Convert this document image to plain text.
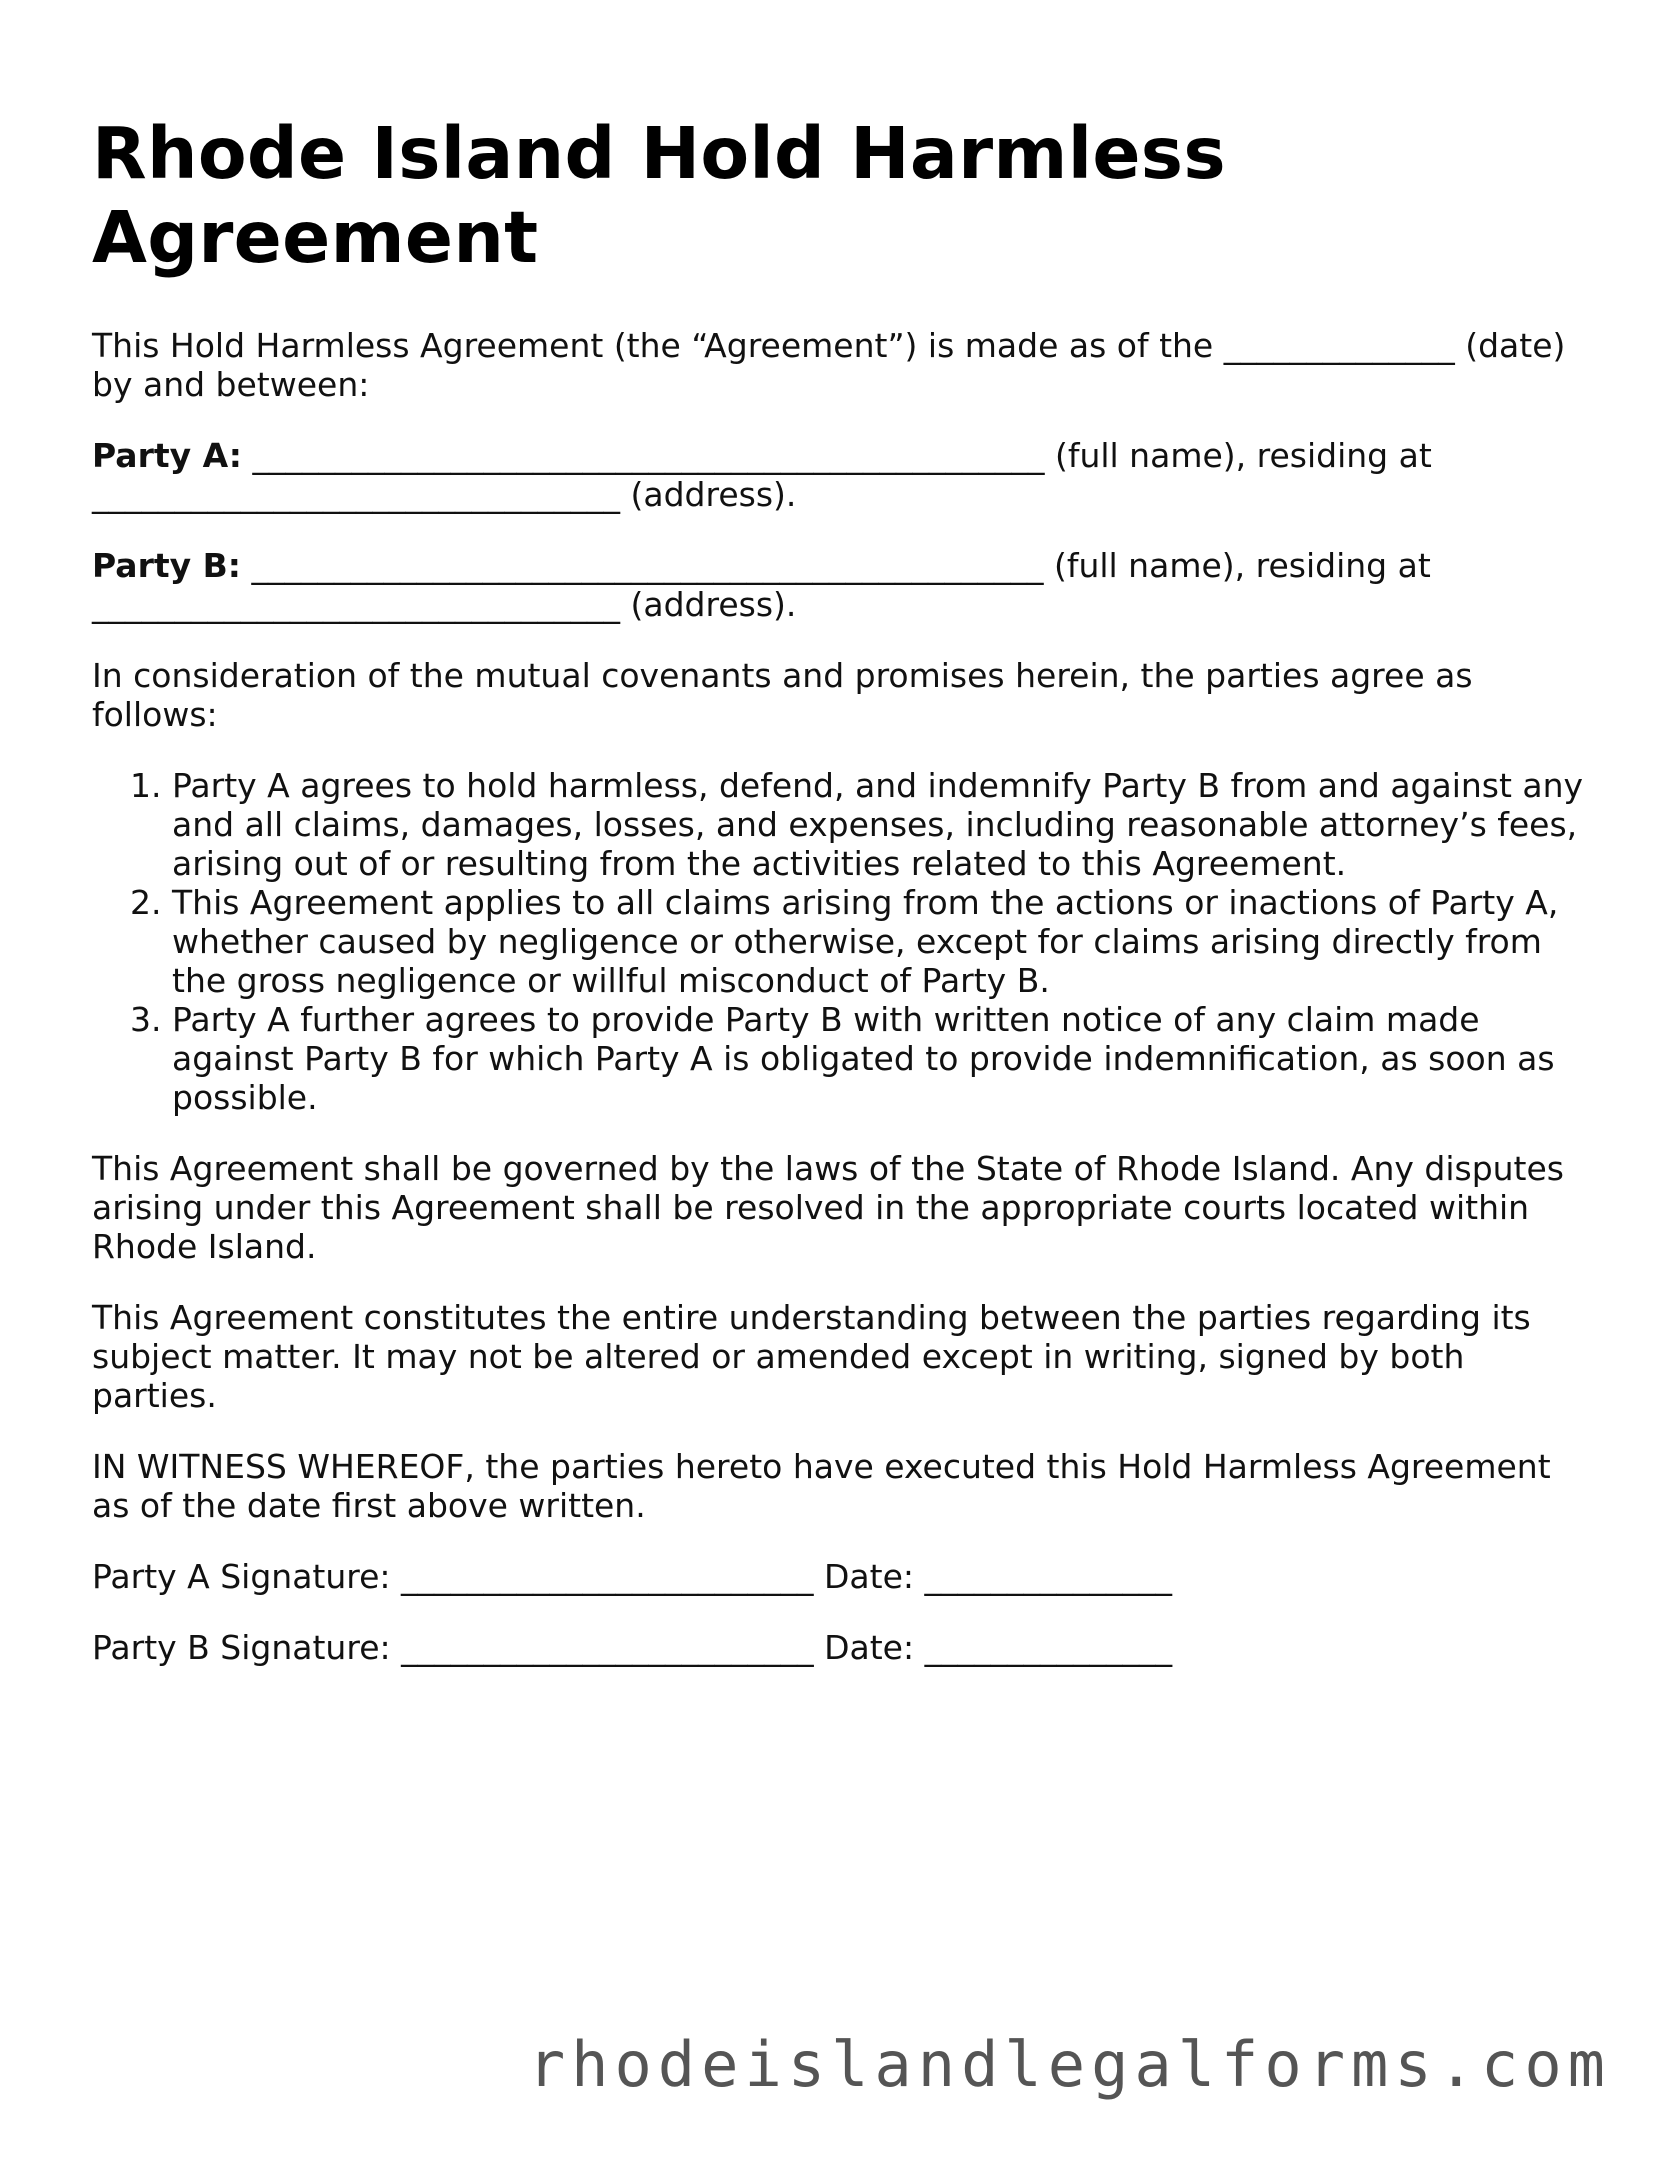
Rhode Island Hold Harmless Agreement

This Hold Harmless Agreement (the “Agreement”) is made as of the ______________ (date) by and between:

Party A: ________________________________________________ (full name), residing at ________________________________ (address).

Party B: ________________________________________________ (full name), residing at ________________________________ (address).

In consideration of the mutual covenants and promises herein, the parties agree as follows:

1. Party A agrees to hold harmless, defend, and indemnify Party B from and against any and all claims, damages, losses, and expenses, including reasonable attorney’s fees, arising out of or resulting from the activities related to this Agreement.
2. This Agreement applies to all claims arising from the actions or inactions of Party A, whether caused by negligence or otherwise, except for claims arising directly from the gross negligence or willful misconduct of Party B.
3. Party A further agrees to provide Party B with written notice of any claim made against Party B for which Party A is obligated to provide indemnification, as soon as possible.

This Agreement shall be governed by the laws of the State of Rhode Island. Any disputes arising under this Agreement shall be resolved in the appropriate courts located within Rhode Island.

This Agreement constitutes the entire understanding between the parties regarding its subject matter. It may not be altered or amended except in writing, signed by both parties.

IN WITNESS WHEREOF, the parties hereto have executed this Hold Harmless Agreement as of the date first above written.

Party A Signature: _________________________ Date: _______________
Party B Signature: _________________________ Date: _______________
rhodeislandlegalforms.com
